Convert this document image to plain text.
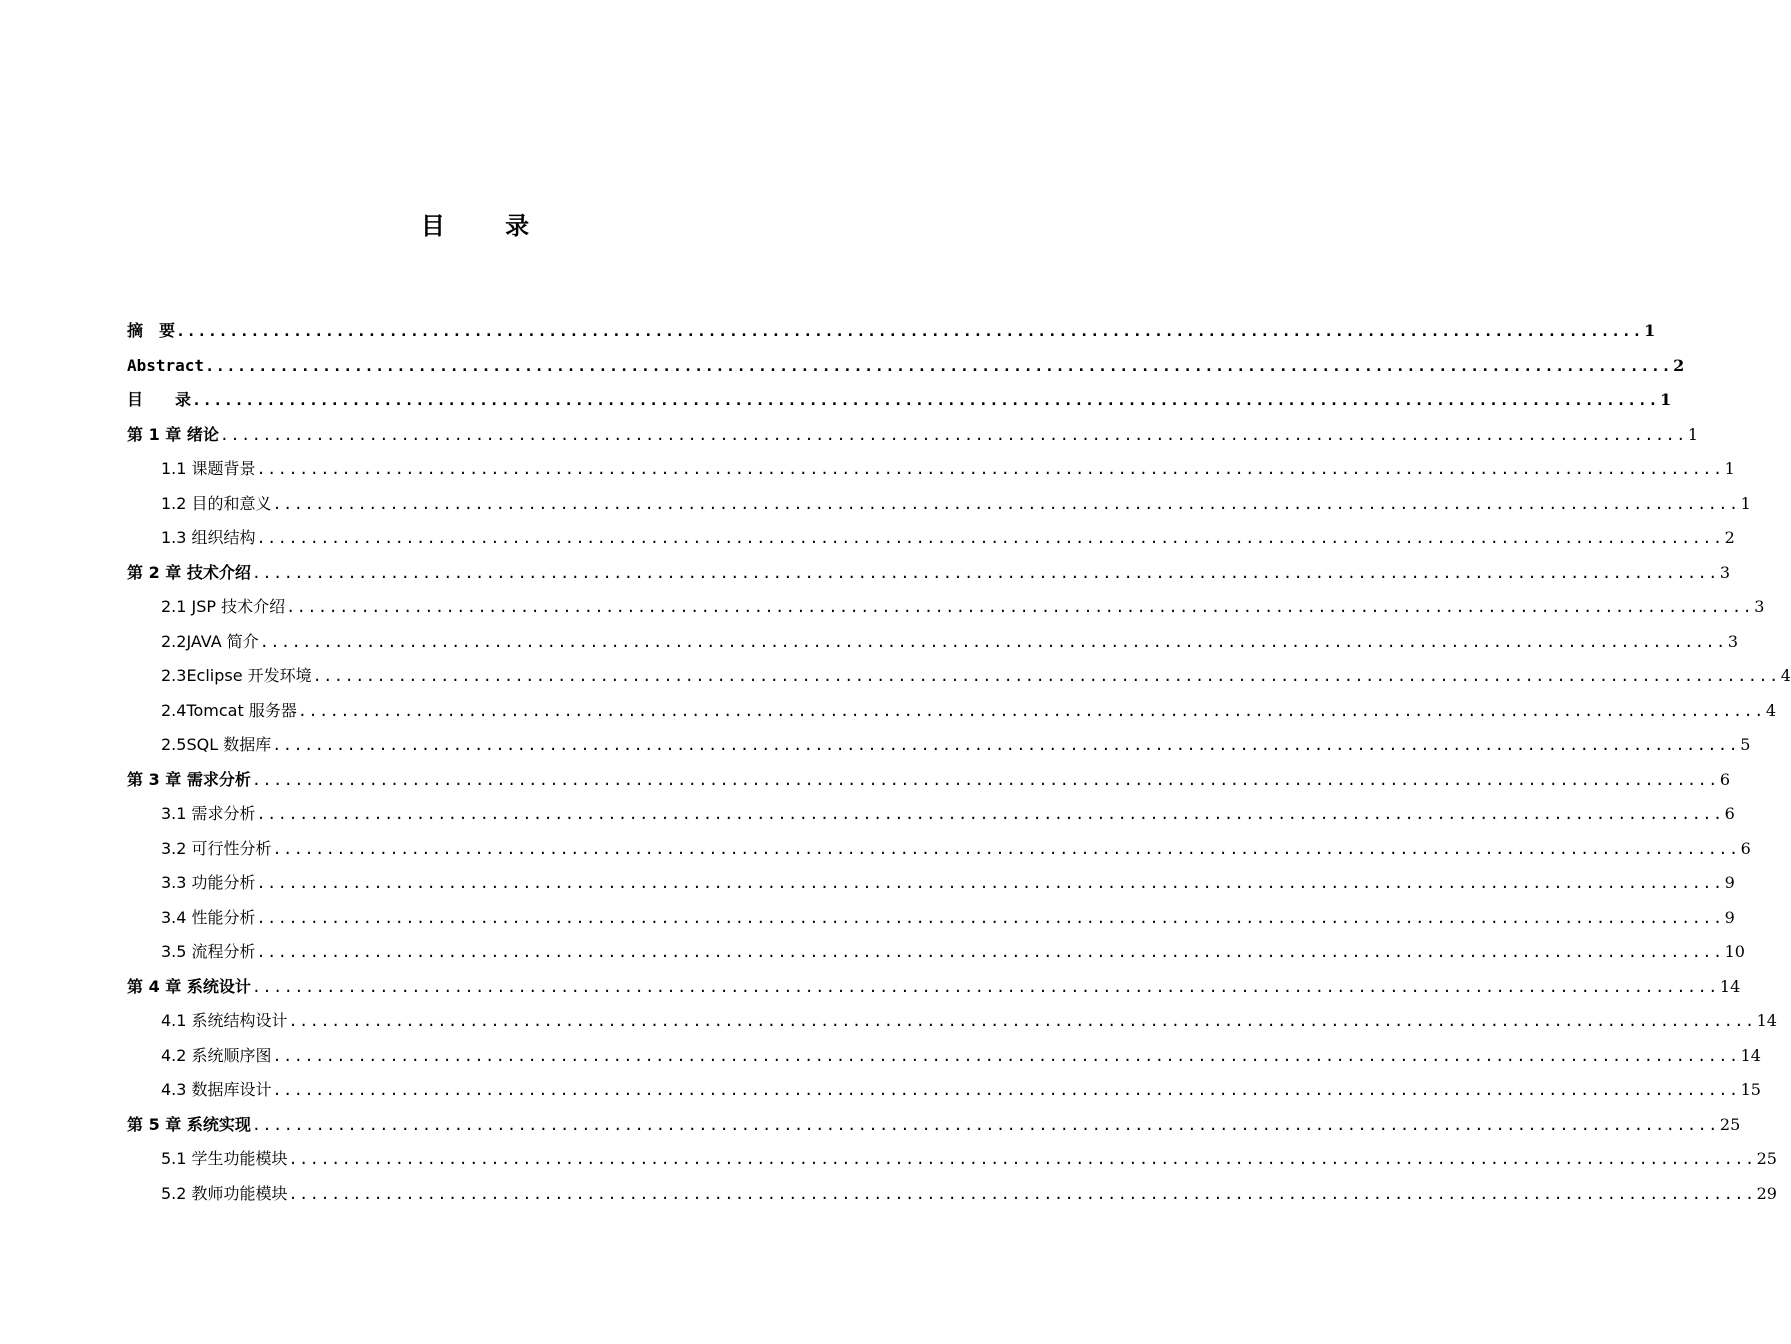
目 录
摘　要 .......................................................................................................................................... 1
Abstract .......................................................................................................................................... 2
目　　录 .......................................................................................................................................... 1
第 1 章 绪论 .......................................................................................................................................... 1
1.1 课题背景 .......................................................................................................................................... 1
1.2 目的和意义 .......................................................................................................................................... 1
1.3 组织结构 .......................................................................................................................................... 2
第 2 章 技术介绍 .......................................................................................................................................... 3
2.1 JSP 技术介绍 .......................................................................................................................................... 3
2.2JAVA 简介 .......................................................................................................................................... 3
2.3Eclipse 开发环境 .......................................................................................................................................... 4
2.4Tomcat 服务器 .......................................................................................................................................... 4
2.5SQL 数据库 .......................................................................................................................................... 5
第 3 章 需求分析 .......................................................................................................................................... 6
3.1 需求分析 .......................................................................................................................................... 6
3.2 可行性分析 .......................................................................................................................................... 6
3.3 功能分析 .......................................................................................................................................... 9
3.4 性能分析 .......................................................................................................................................... 9
3.5 流程分析 .......................................................................................................................................... 10
第 4 章 系统设计 .......................................................................................................................................... 14
4.1 系统结构设计 .......................................................................................................................................... 14
4.2 系统顺序图 .......................................................................................................................................... 14
4.3 数据库设计 .......................................................................................................................................... 15
第 5 章 系统实现 .......................................................................................................................................... 25
5.1 学生功能模块 .......................................................................................................................................... 25
5.2 教师功能模块 .......................................................................................................................................... 29
